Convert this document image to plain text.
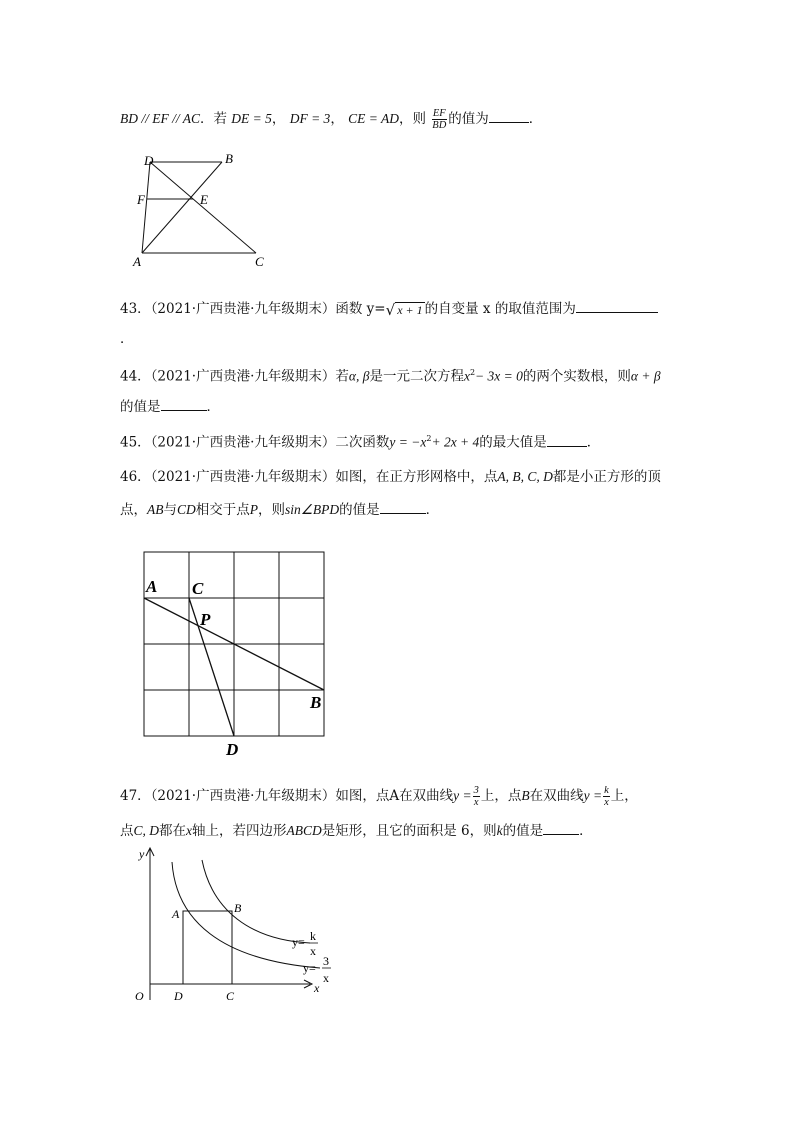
BD // EF // AC．若 DE = 5， DF = 3， CE = AD，则 $\frac{EF}{BD}$ 的值为	．
D	B
F	E
A	C
43．（2021·广西贵港·九年级期末）函数 y= √ x + 1 的自变量 x 的取值范围为
．
44．（2021·广西贵港·九年级期末）若α, β是一元二次方程$x^2- 3x = 0$的两个实数根，则α + β
的值是	．
45．（2021·广西贵港·九年级期末）二次函数$y = -x^2+ 2x + 4$的最大值是	．
46．（2021·广西贵港·九年级期末）如图，在正方形网格中，点A, B, C, D都是小正方形的顶
点，AB与CD相交于点P，则sin∠BPD的值是	．
A C
P
B
D
47．（2021·广西贵港·九年级期末）如图，点A在双曲线$y = \frac{3}{x}$ 上，点B在双曲线$y = \frac{k}{x}$ 上，
点C, D都在x轴上，若四边形ABCD是矩形，且它的面积是 6，则k的值是	．
y
x
O
A	B
D	C
y= k
x
y= 3
x
